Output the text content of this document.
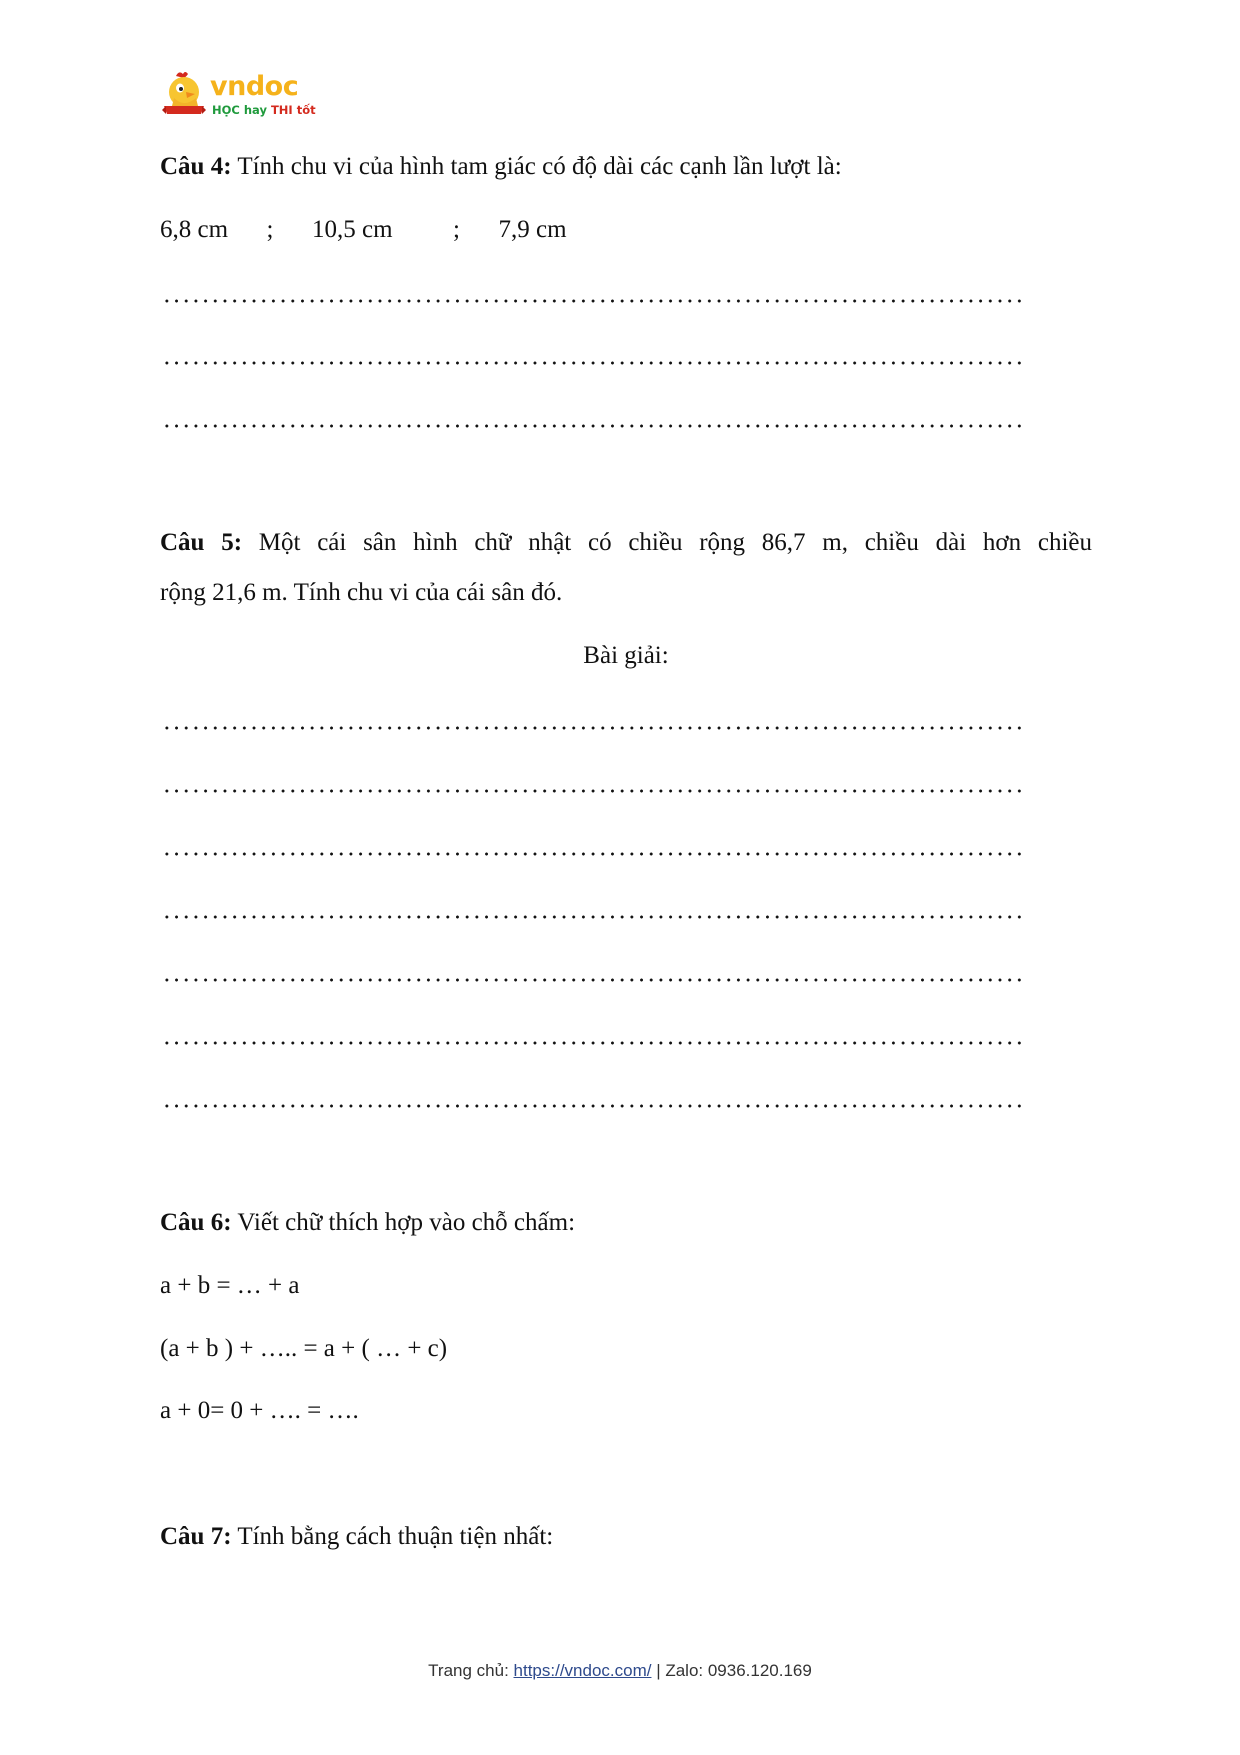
vndoc
HỌC hay THI tốt
Câu 4: Tính chu vi của hình tam giác có độ dài các cạnh lần lượt là:
6,8 cm ; 10,5 cm ; 7,9 cm
Câu 5: Một cái sân hình chữ nhật có chiều rộng 86,7 m, chiều dài hơn chiều
rộng 21,6 m. Tính chu vi của cái sân đó.
Bài giải:
Câu 6: Viết chữ thích hợp vào chỗ chấm:
a + b = … + a
(a + b ) + ….. = a + ( … + c)
a + 0= 0 + …. = ….
Câu 7: Tính bằng cách thuận tiện nhất:
Trang chủ: https://vndoc.com/ | Zalo: 0936.120.169
